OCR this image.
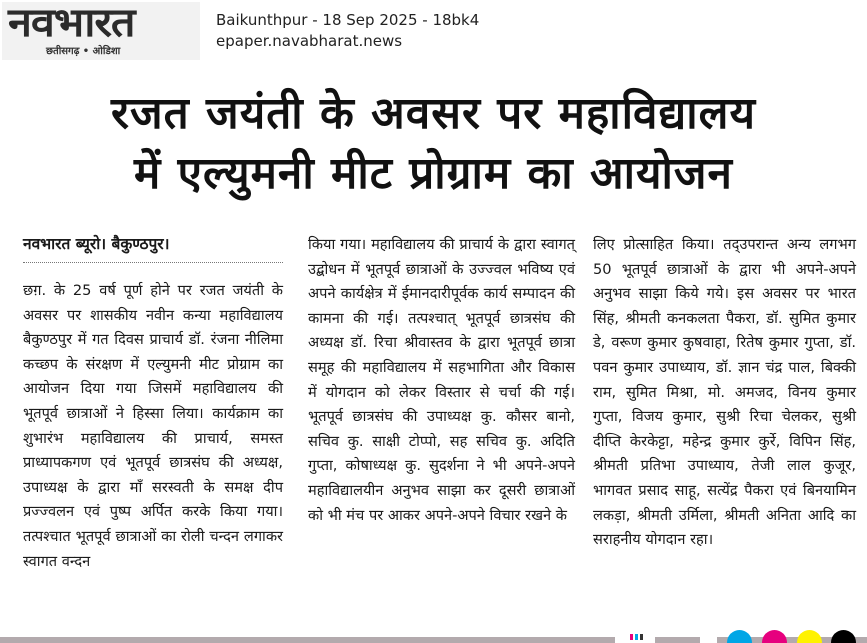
नवभारत
छतीसगढ़ • ओडिशा
Baikunthpur - 18 Sep 2025 - 18bk4
epaper.navabharat.news
रजत जयंती के अवसर पर महाविद्यालय
में एल्युमनी मीट प्रोग्राम का आयोजन
नवभारत ब्यूरो। बैकुण्ठपुर।

छग़. के 25 वर्ष पूर्ण होने पर रजत जयंती के अवसर पर शासकीय नवीन कन्या महाविद्यालय बैकुण्ठपुर में गत दिवस प्राचार्य डॉ. रंजना नीलिमा कच्छप के संरक्षण में एल्युमनी मीट प्रोग्राम का आयोजन दिया गया जिसमें महाविद्यालय की भूतपूर्व छात्राओं ने हिस्सा लिया। कार्यक्राम का शुभारंभ महाविद्यालय की प्राचार्य, समस्त प्राध्यापकगण एवं भूतपूर्व छात्रसंघ की अध्यक्ष, उपाध्यक्ष के द्वारा माँ सरस्वती के समक्ष दीप प्रज्ज्वलन एवं पुष्प अर्पित करके किया गया। तत्पश्चात भूतपूर्व छात्राओं का रोली चन्दन लगाकर स्वागत वन्दन

किया गया। महाविद्यालय की प्राचार्य के द्वारा स्वागत् उद्बोधन में भूतपूर्व छात्राओं के उज्ज्वल भविष्य एवं अपने कार्यक्षेत्र में ईमानदारीपूर्वक कार्य सम्पादन की कामना की गई। तत्पश्चात् भूतपूर्व छात्रसंघ की अध्यक्ष डॉ. रिचा श्रीवास्तव के द्वारा भूतपूर्व छात्रा समूह की महाविद्यालय में सहभागिता और विकास में योगदान को लेकर विस्तार से चर्चा की गई। भूतपूर्व छात्रसंघ की उपाध्यक्ष कु. कौसर बानो, सचिव कु. साक्षी टोप्पो, सह सचिव कु. अदिति गुप्ता, कोषाध्यक्ष कु. सुदर्शना ने भी अपने-अपने महाविद्यालयीन अनुभव साझा कर दूसरी छात्राओं को भी मंच पर आकर अपने-अपने विचार रखने के

लिए प्रोत्साहित किया। तद्उपरान्त अन्य लगभग 50 भूतपूर्व छात्राओं के द्वारा भी अपने-अपने अनुभव साझा किये गये। इस अवसर पर भारत सिंह, श्रीमती कनकलता पैकरा, डॉ. सुमित कुमार डे, वरूण कुमार कुषवाहा, रितेष कुमार गुप्ता, डॉ. पवन कुमार उपाध्याय, डॉ. ज्ञान चंद्र पाल, बिक्की राम, सुमित मिश्रा, मो. अमजद, विनय कुमार गुप्ता, विजय कुमार, सुश्री रिचा चेलकर, सुश्री दीप्ति केरकेट्टा, महेन्द्र कुमार कुर्रे, विपिन सिंह, श्रीमती प्रतिभा उपाध्याय, तेजी लाल कुजूर, भागवत प्रसाद साहू, सत्येंद्र पैकरा एवं बिनयामिन लकड़ा, श्रीमती उर्मिला, श्रीमती अनिता आदि का सराहनीय योगदान रहा।
